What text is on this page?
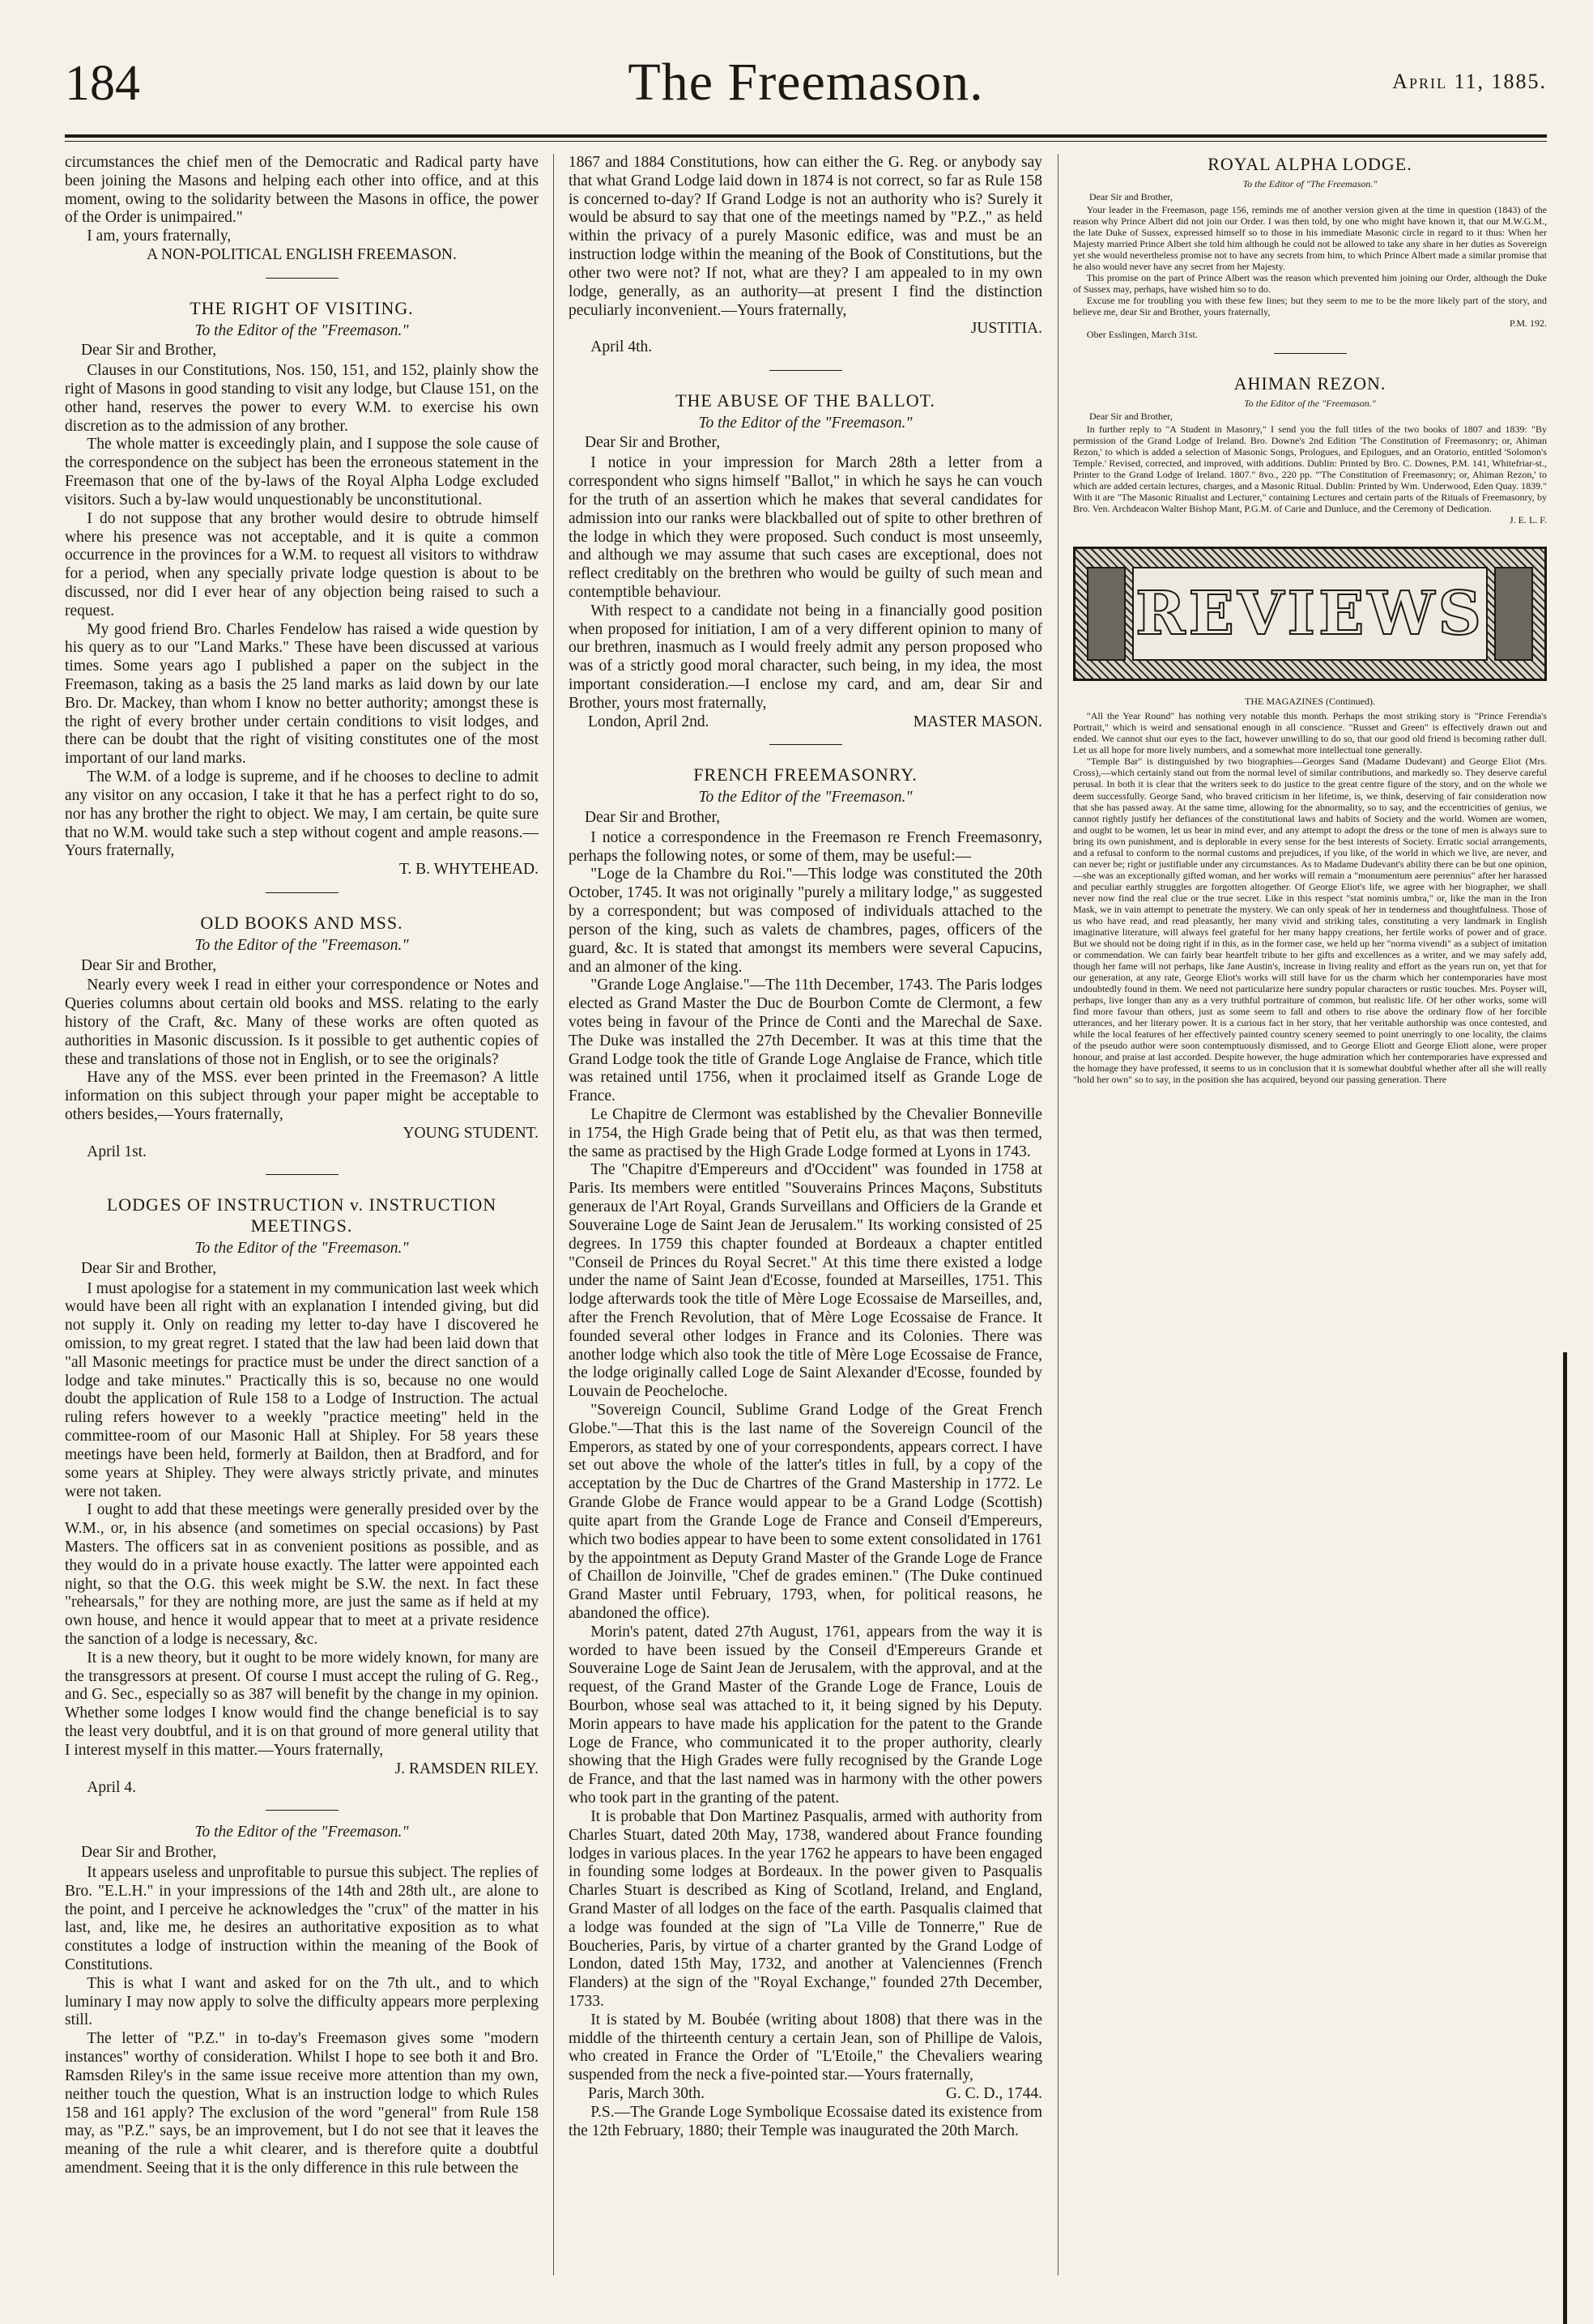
184	The Freemason.	April 11, 1885.

circumstances the chief men of the Democratic and Radical party have been joining the Masons and helping each other into office, and at this moment, owing to the solidarity between the Masons in office, the power of the Order is unimpaired."

I am, yours fraternally,

A NON-POLITICAL ENGLISH FREEMASON.

THE RIGHT OF VISITING.
To the Editor of the "Freemason."
Dear Sir and Brother,

Clauses in our Constitutions, Nos. 150, 151, and 152, plainly show the right of Masons in good standing to visit any lodge, but Clause 151, on the other hand, reserves the power to every W.M. to exercise his own discretion as to the admission of any brother.

The whole matter is exceedingly plain, and I suppose the sole cause of the correspondence on the subject has been the erroneous statement in the Freemason that one of the by-laws of the Royal Alpha Lodge excluded visitors. Such a by-law would unquestionably be unconstitutional.

I do not suppose that any brother would desire to obtrude himself where his presence was not acceptable, and it is quite a common occurrence in the provinces for a W.M. to request all visitors to withdraw for a period, when any specially private lodge question is about to be discussed, nor did I ever hear of any objection being raised to such a request.

My good friend Bro. Charles Fendelow has raised a wide question by his query as to our "Land Marks." These have been discussed at various times. Some years ago I published a paper on the subject in the Freemason, taking as a basis the 25 land marks as laid down by our late Bro. Dr. Mackey, than whom I know no better authority; amongst these is the right of every brother under certain conditions to visit lodges, and there can be doubt that the right of visiting constitutes one of the most important of our land marks.

The W.M. of a lodge is supreme, and if he chooses to decline to admit any visitor on any occasion, I take it that he has a perfect right to do so, nor has any brother the right to object. We may, I am certain, be quite sure that no W.M. would take such a step without cogent and ample reasons.—Yours fraternally,

T. B. WHYTEHEAD.

OLD BOOKS AND MSS.
To the Editor of the "Freemason."
Dear Sir and Brother,

Nearly every week I read in either your correspondence or Notes and Queries columns about certain old books and MSS. relating to the early history of the Craft, &c. Many of these works are often quoted as authorities in Masonic discussion. Is it possible to get authentic copies of these and translations of those not in English, or to see the originals?

Have any of the MSS. ever been printed in the Freemason? A little information on this subject through your paper might be acceptable to others besides,—Yours fraternally,

YOUNG STUDENT.

April 1st.

LODGES OF INSTRUCTION v. INSTRUCTION MEETINGS.
To the Editor of the "Freemason."
Dear Sir and Brother,

I must apologise for a statement in my communication last week which would have been all right with an explanation I intended giving, but did not supply it. Only on reading my letter to-day have I discovered he omission, to my great regret. I stated that the law had been laid down that "all Masonic meetings for practice must be under the direct sanction of a lodge and take minutes." Practically this is so, because no one would doubt the application of Rule 158 to a Lodge of Instruction. The actual ruling refers however to a weekly "practice meeting" held in the committee-room of our Masonic Hall at Shipley. For 58 years these meetings have been held, formerly at Baildon, then at Bradford, and for some years at Shipley. They were always strictly private, and minutes were not taken.

I ought to add that these meetings were generally presided over by the W.M., or, in his absence (and sometimes on special occasions) by Past Masters. The officers sat in as convenient positions as possible, and as they would do in a private house exactly. The latter were appointed each night, so that the O.G. this week might be S.W. the next. In fact these "rehearsals," for they are nothing more, are just the same as if held at my own house, and hence it would appear that to meet at a private residence the sanction of a lodge is necessary, &c.

It is a new theory, but it ought to be more widely known, for many are the transgressors at present. Of course I must accept the ruling of G. Reg., and G. Sec., especially so as 387 will benefit by the change in my opinion. Whether some lodges I know would find the change beneficial is to say the least very doubtful, and it is on that ground of more general utility that I interest myself in this matter.—Yours fraternally,

J. RAMSDEN RILEY.

April 4.

To the Editor of the "Freemason."
Dear Sir and Brother,

It appears useless and unprofitable to pursue this subject. The replies of Bro. "E.L.H." in your impressions of the 14th and 28th ult., are alone to the point, and I perceive he acknowledges the "crux" of the matter in his last, and, like me, he desires an authoritative exposition as to what constitutes a lodge of instruction within the meaning of the Book of Constitutions.

This is what I want and asked for on the 7th ult., and to which luminary I may now apply to solve the difficulty appears more perplexing still.

The letter of "P.Z." in to-day's Freemason gives some "modern instances" worthy of consideration. Whilst I hope to see both it and Bro. Ramsden Riley's in the same issue receive more attention than my own, neither touch the question, What is an instruction lodge to which Rules 158 and 161 apply? The exclusion of the word "general" from Rule 158 may, as "P.Z." says, be an improvement, but I do not see that it leaves the meaning of the rule a whit clearer, and is therefore quite a doubtful amendment. Seeing that it is the only difference in this rule between the

1867 and 1884 Constitutions, how can either the G. Reg. or anybody say that what Grand Lodge laid down in 1874 is not correct, so far as Rule 158 is concerned to-day? If Grand Lodge is not an authority who is? Surely it would be absurd to say that one of the meetings named by "P.Z.," as held within the privacy of a purely Masonic edifice, was and must be an instruction lodge within the meaning of the Book of Constitutions, but the other two were not? If not, what are they? I am appealed to in my own lodge, generally, as an authority—at present I find the distinction peculiarly inconvenient.—Yours fraternally,

JUSTITIA.

April 4th.

THE ABUSE OF THE BALLOT.
To the Editor of the "Freemason."
Dear Sir and Brother,

I notice in your impression for March 28th a letter from a correspondent who signs himself "Ballot," in which he says he can vouch for the truth of an assertion which he makes that several candidates for admission into our ranks were blackballed out of spite to other brethren of the lodge in which they were proposed. Such conduct is most unseemly, and although we may assume that such cases are exceptional, does not reflect creditably on the brethren who would be guilty of such mean and contemptible behaviour.

With respect to a candidate not being in a financially good position when proposed for initiation, I am of a very different opinion to many of our brethren, inasmuch as I would freely admit any person proposed who was of a strictly good moral character, such being, in my idea, the most important consideration.—I enclose my card, and am, dear Sir and Brother, yours most fraternally,

London, April 2nd.	MASTER MASON.
FRENCH FREEMASONRY.
To the Editor of the "Freemason."
Dear Sir and Brother,

I notice a correspondence in the Freemason re French Freemasonry, perhaps the following notes, or some of them, may be useful:—

"Loge de la Chambre du Roi."—This lodge was constituted the 20th October, 1745. It was not originally "purely a military lodge," as suggested by a correspondent; but was composed of individuals attached to the person of the king, such as valets de chambres, pages, officers of the guard, &c. It is stated that amongst its members were several Capucins, and an almoner of the king.

"Grande Loge Anglaise."—The 11th December, 1743. The Paris lodges elected as Grand Master the Duc de Bourbon Comte de Clermont, a few votes being in favour of the Prince de Conti and the Marechal de Saxe. The Duke was installed the 27th December. It was at this time that the Grand Lodge took the title of Grande Loge Anglaise de France, which title was retained until 1756, when it proclaimed itself as Grande Loge de France.

Le Chapitre de Clermont was established by the Chevalier Bonneville in 1754, the High Grade being that of Petit elu, as that was then termed, the same as practised by the High Grade Lodge formed at Lyons in 1743.

The "Chapitre d'Empereurs and d'Occident" was founded in 1758 at Paris. Its members were entitled "Souverains Princes Maçons, Substituts generaux de l'Art Royal, Grands Surveillans and Officiers de la Grande et Souveraine Loge de Saint Jean de Jerusalem." Its working consisted of 25 degrees. In 1759 this chapter founded at Bordeaux a chapter entitled "Conseil de Princes du Royal Secret." At this time there existed a lodge under the name of Saint Jean d'Ecosse, founded at Marseilles, 1751. This lodge afterwards took the title of Mère Loge Ecossaise de Marseilles, and, after the French Revolution, that of Mère Loge Ecossaise de France. It founded several other lodges in France and its Colonies. There was another lodge which also took the title of Mère Loge Ecossaise de France, the lodge originally called Loge de Saint Alexander d'Ecosse, founded by Louvain de Peocheloche.

"Sovereign Council, Sublime Grand Lodge of the Great French Globe."—That this is the last name of the Sovereign Council of the Emperors, as stated by one of your correspondents, appears correct. I have set out above the whole of the latter's titles in full, by a copy of the acceptation by the Duc de Chartres of the Grand Mastership in 1772. Le Grande Globe de France would appear to be a Grand Lodge (Scottish) quite apart from the Grande Loge de France and Conseil d'Empereurs, which two bodies appear to have been to some extent consolidated in 1761 by the appointment as Deputy Grand Master of the Grande Loge de France of Chaillon de Joinville, "Chef de grades eminen." (The Duke continued Grand Master until February, 1793, when, for political reasons, he abandoned the office).

Morin's patent, dated 27th August, 1761, appears from the way it is worded to have been issued by the Conseil d'Empereurs Grande et Souveraine Loge de Saint Jean de Jerusalem, with the approval, and at the request, of the Grand Master of the Grande Loge de France, Louis de Bourbon, whose seal was attached to it, it being signed by his Deputy. Morin appears to have made his application for the patent to the Grande Loge de France, who communicated it to the proper authority, clearly showing that the High Grades were fully recognised by the Grande Loge de France, and that the last named was in harmony with the other powers who took part in the granting of the patent.

It is probable that Don Martinez Pasqualis, armed with authority from Charles Stuart, dated 20th May, 1738, wandered about France founding lodges in various places. In the year 1762 he appears to have been engaged in founding some lodges at Bordeaux. In the power given to Pasqualis Charles Stuart is described as King of Scotland, Ireland, and England, Grand Master of all lodges on the face of the earth. Pasqualis claimed that a lodge was founded at the sign of "La Ville de Tonnerre," Rue de Boucheries, Paris, by virtue of a charter granted by the Grand Lodge of London, dated 15th May, 1732, and another at Valenciennes (French Flanders) at the sign of the "Royal Exchange," founded 27th December, 1733.

It is stated by M. Boubée (writing about 1808) that there was in the middle of the thirteenth century a certain Jean, son of Phillipe de Valois, who created in France the Order of "L'Etoile," the Chevaliers wearing suspended from the neck a five-pointed star.—Yours fraternally,

Paris, March 30th.	G. C. D., 1744.

P.S.—The Grande Loge Symbolique Ecossaise dated its existence from the 12th February, 1880; their Temple was inaugurated the 20th March.

ROYAL ALPHA LODGE.
To the Editor of "The Freemason."
Dear Sir and Brother,

Your leader in the Freemason, page 156, reminds me of another version given at the time in question (1843) of the reason why Prince Albert did not join our Order. I was then told, by one who might have known it, that our M.W.G.M., the late Duke of Sussex, expressed himself so to those in his immediate Masonic circle in regard to it thus: When her Majesty married Prince Albert she told him although he could not be allowed to take any share in her duties as Sovereign yet she would nevertheless promise not to have any secrets from him, to which Prince Albert made a similar promise that he also would never have any secret from her Majesty.

This promise on the part of Prince Albert was the reason which prevented him joining our Order, although the Duke of Sussex may, perhaps, have wished him so to do.

Excuse me for troubling you with these few lines; but they seem to me to be the more likely part of the story, and believe me, dear Sir and Brother, yours fraternally,

P.M. 192.

Ober Esslingen, March 31st.

AHIMAN REZON.
To the Editor of the "Freemason."
Dear Sir and Brother,

In further reply to "A Student in Masonry," I send you the full titles of the two books of 1807 and 1839: "By permission of the Grand Lodge of Ireland. Bro. Downe's 2nd Edition 'The Constitution of Freemasonry; or, Ahiman Rezon,' to which is added a selection of Masonic Songs, Prologues, and Epilogues, and an Oratorio, entitled 'Solomon's Temple.' Revised, corrected, and improved, with additions. Dublin: Printed by Bro. C. Downes, P.M. 141, Whitefriar-st., Printer to the Grand Lodge of Ireland. 1807." 8vo., 220 pp. "'The Constitution of Freemasonry; or, Ahiman Rezon,' to which are added certain lectures, charges, and a Masonic Ritual. Dublin: Printed by Wm. Underwood, Eden Quay. 1839." With it are "The Masonic Ritualist and Lecturer," containing Lectures and certain parts of the Rituals of Freemasonry, by Bro. Ven. Archdeacon Walter Bishop Mant, P.G.M. of Carie and Dunluce, and the Ceremony of Dedication.

J. E. L. F.

REVIEWS
THE MAGAZINES (Continued).

"All the Year Round" has nothing very notable this month. Perhaps the most striking story is "Prince Ferendia's Portrait," which is weird and sensational enough in all conscience. "Russet and Green" is effectively drawn out and ended. We cannot shut our eyes to the fact, however unwilling to do so, that our good old friend is becoming rather dull. Let us all hope for more lively numbers, and a somewhat more intellectual tone generally.

"Temple Bar" is distinguished by two biographies—Georges Sand (Madame Dudevant) and George Eliot (Mrs. Cross),—which certainly stand out from the normal level of similar contributions, and markedly so. They deserve careful perusal. In both it is clear that the writers seek to do justice to the great centre figure of the story, and on the whole we deem successfully. George Sand, who braved criticism in her lifetime, is, we think, deserving of fair consideration now that she has passed away. At the same time, allowing for the abnormality, so to say, and the eccentricities of genius, we cannot rightly justify her defiances of the constitutional laws and habits of Society and the world. Women are women, and ought to be women, let us bear in mind ever, and any attempt to adopt the dress or the tone of men is always sure to bring its own punishment, and is deplorable in every sense for the best interests of Society. Erratic social arrangements, and a refusal to conform to the normal customs and prejudices, if you like, of the world in which we live, are never, and can never be; right or justifiable under any circumstances. As to Madame Dudevant's ability there can be but one opinion,—she was an exceptionally gifted woman, and her works will remain a "monumentum aere perennius" after her harassed and peculiar earthly struggles are forgotten altogether. Of George Eliot's life, we agree with her biographer, we shall never now find the real clue or the true secret. Like in this respect "stat nominis umbra," or, like the man in the Iron Mask, we in vain attempt to penetrate the mystery. We can only speak of her in tenderness and thoughtfulness. Those of us who have read, and read pleasantly, her many vivid and striking tales, constituting a very landmark in English imaginative literature, will always feel grateful for her many happy creations, her fertile works of power and of grace. But we should not be doing right if in this, as in the former case, we held up her "norma vivendi" as a subject of imitation or commendation. We can fairly bear heartfelt tribute to her gifts and excellences as a writer, and we may safely add, though her fame will not perhaps, like Jane Austin's, increase in living reality and effort as the years run on, yet that for our generation, at any rate, George Eliot's works will still have for us the charm which her contemporaries have most undoubtedly found in them. We need not particularize here sundry popular characters or rustic touches. Mrs. Poyser will, perhaps, live longer than any as a very truthful portraiture of common, but realistic life. Of her other works, some will find more favour than others, just as some seem to fall and others to rise above the ordinary flow of her forcible utterances, and her literary power. It is a curious fact in her story, that her veritable authorship was once contested, and while the local features of her effectively painted country scenery seemed to point unerringly to one locality, the claims of the pseudo author were soon contemptuously dismissed, and to George Eliott and George Eliott alone, were proper honour, and praise at last accorded. Despite however, the huge admiration which her contemporaries have expressed and the homage they have professed, it seems to us in conclusion that it is somewhat doubtful whether after all she will really "hold her own" so to say, in the position she has acquired, beyond our passing generation. There
